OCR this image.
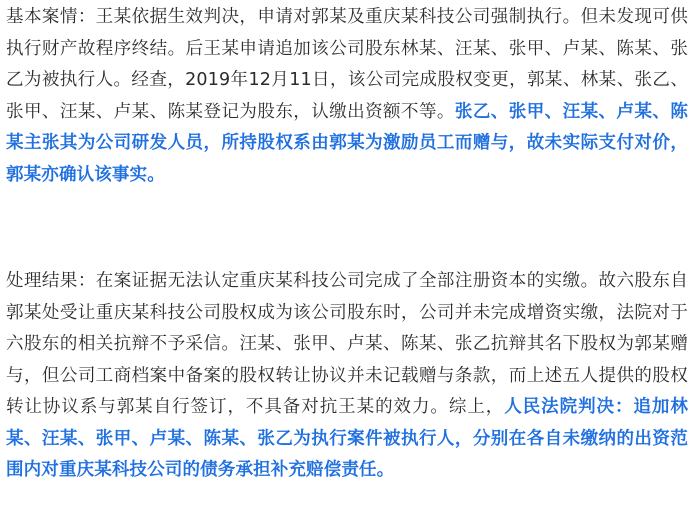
基本案情：王某依据生效判决，申请对郭某及重庆某科技公司强制执行。但未发现可供执行财产故程序终结。后王某申请追加该公司股东林某、汪某、张甲、卢某、陈某、张乙为被执行人。经查，2019年12月11日，该公司完成股权变更，郭某、林某、张乙、张甲、汪某、卢某、陈某登记为股东，认缴出资额不等。张乙、张甲、汪某、卢某、陈某主张其为公司研发人员，所持股权系由郭某为激励员工而赠与，故未实际支付对价，郭某亦确认该事实。

处理结果：在案证据无法认定重庆某科技公司完成了全部注册资本的实缴。故六股东自郭某处受让重庆某科技公司股权成为该公司股东时，公司并未完成增资实缴，法院对于六股东的相关抗辩不予采信。汪某、张甲、卢某、陈某、张乙抗辩其名下股权为郭某赠与，但公司工商档案中备案的股权转让协议并未记载赠与条款，而上述五人提供的股权转让协议系与郭某自行签订，不具备对抗王某的效力。综上，人民法院判决：追加林某、汪某、张甲、卢某、陈某、张乙为执行案件被执行人，分别在各自未缴纳的出资范围内对重庆某科技公司的债务承担补充赔偿责任。
